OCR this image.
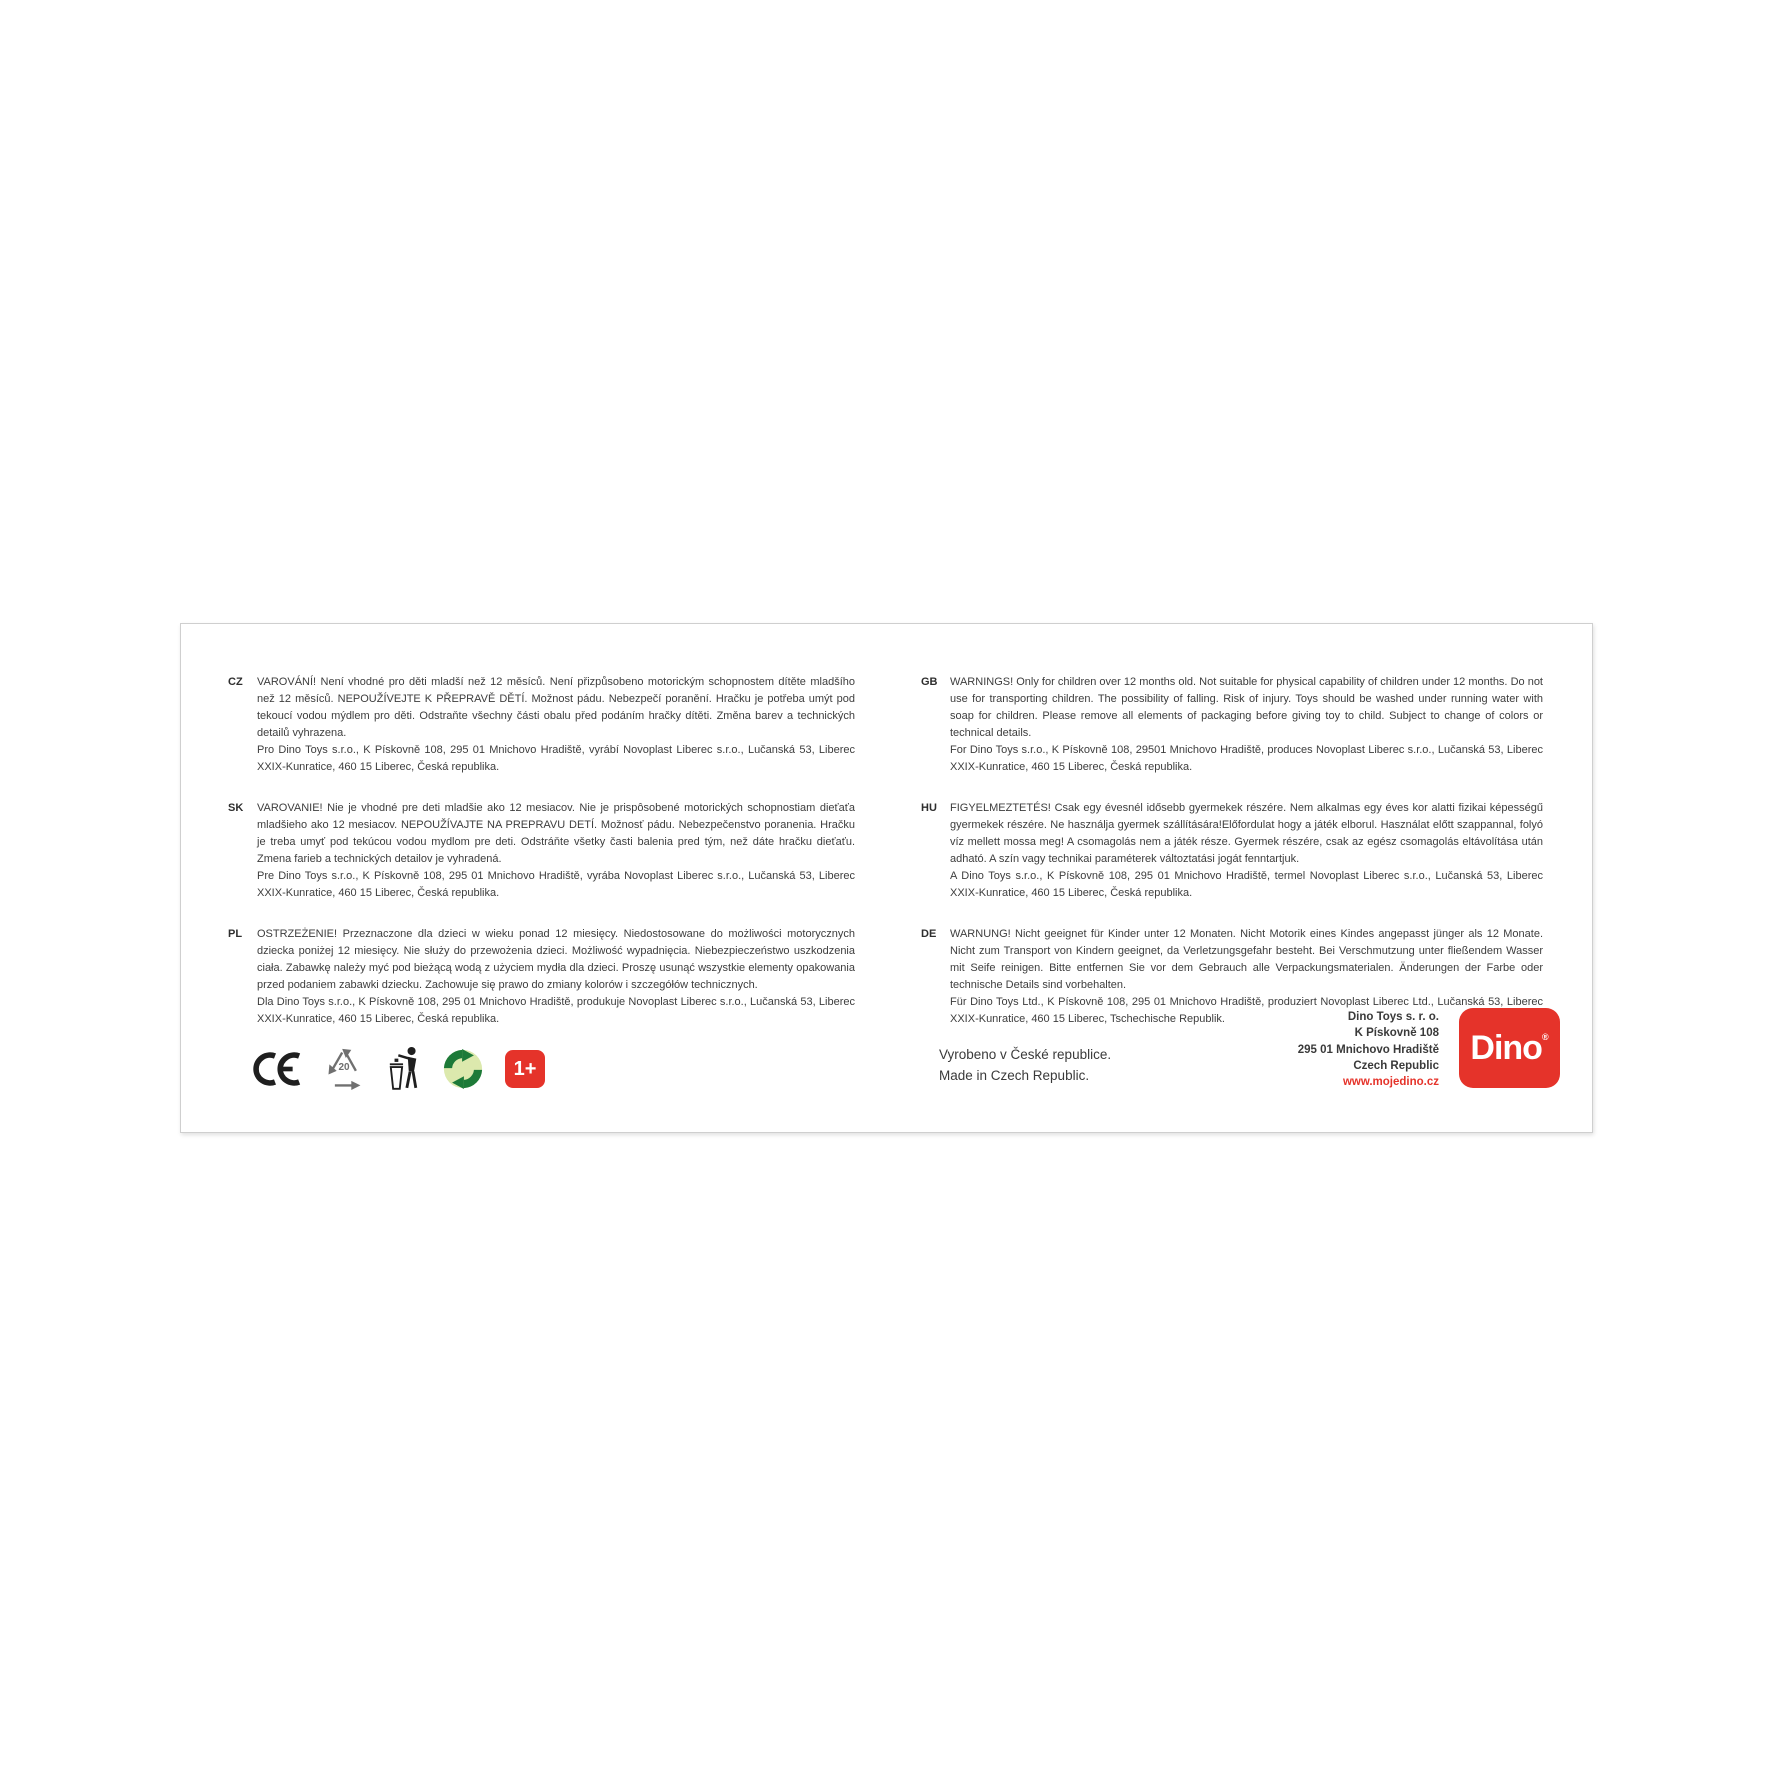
CZ	VAROVÁNÍ! Není vhodné pro děti mladší než 12 měsíců. Není přizpůsobeno motorickým schopnostem dítěte mladšího než 12 měsíců. NEPOUŽÍVEJTE K PŘEPRAVĚ DĚTÍ. Možnost pádu. Nebezpečí poranění. Hračku je potřeba umýt pod tekoucí vodou mýdlem pro děti. Odstraňte všechny části obalu před podáním hračky dítěti. Změna barev a technických detailů vyhrazena.

Pro Dino Toys s.r.o., K Pískovně 108, 295 01 Mnichovo Hradiště, vyrábí Novoplast Liberec s.r.o., Lučanská 53, Liberec XXIX-Kunratice, 460 15 Liberec, Česká republika.

SK	VAROVANIE! Nie je vhodné pre deti mladšie ako 12 mesiacov. Nie je prispôsobené motorických schopnostiam dieťaťa mladšieho ako 12 mesiacov. NEPOUŽÍVAJTE NA PREPRAVU DETÍ. Možnosť pádu. Nebezpečenstvo poranenia. Hračku je treba umyť pod tekúcou vodou mydlom pre deti. Odstráňte všetky časti balenia pred tým, než dáte hračku dieťaťu. Zmena farieb a technických detailov je vyhradená.

Pre Dino Toys s.r.o., K Pískovně 108, 295 01 Mnichovo Hradiště, vyrába Novoplast Liberec s.r.o., Lučanská 53, Liberec XXIX-Kunratice, 460 15 Liberec, Česká republika.

PL	OSTRZEŻENIE! Przeznaczone dla dzieci w wieku ponad 12 miesięcy. Niedostosowane do możliwości motorycznych dziecka poniżej 12 miesięcy. Nie służy do przewożenia dzieci. Możliwość wypadnięcia. Niebezpieczeństwo uszkodzenia ciała. Zabawkę należy myć pod bieżącą wodą z użyciem mydła dla dzieci. Proszę usunąć wszystkie elementy opakowania przed podaniem zabawki dziecku. Zachowuje się prawo do zmiany kolorów i szczegółów technicznych.

Dla Dino Toys s.r.o., K Pískovně 108, 295 01 Mnichovo Hradiště, produkuje Novoplast Liberec s.r.o., Lučanská 53, Liberec XXIX-Kunratice, 460 15 Liberec, Česká republika.

GB	WARNINGS! Only for children over 12 months old. Not suitable for physical capability of children under 12 months. Do not use for transporting children. The possibility of falling. Risk of injury. Toys should be washed under running water with soap for children. Please remove all elements of packaging before giving toy to child. Subject to change of colors or technical details.

For Dino Toys s.r.o., K Pískovně 108, 29501 Mnichovo Hradiště, produces Novoplast Liberec s.r.o., Lučanská 53, Liberec XXIX-Kunratice, 460 15 Liberec, Česká republika.

HU	FIGYELMEZTETÉS! Csak egy évesnél idősebb gyermekek részére. Nem alkalmas egy éves kor alatti fizikai képességű gyermekek részére. Ne használja gyermek szállítására!Előfordulat hogy a játék elborul. Használat előtt szappannal, folyó víz mellett mossa meg! A csomagolás nem a játék része. Gyermek részére, csak az egész csomagolás eltávolítása után adható. A szín vagy technikai paraméterek változtatási jogát fenntartjuk.

A Dino Toys s.r.o., K Pískovně 108, 295 01 Mnichovo Hradiště, termel Novoplast Liberec s.r.o., Lučanská 53, Liberec XXIX-Kunratice, 460 15 Liberec, Česká republika.

DE	WARNUNG! Nicht geeignet für Kinder unter 12 Monaten. Nicht Motorik eines Kindes angepasst jünger als 12 Monate. Nicht zum Transport von Kindern geeignet, da Verletzungsgefahr besteht. Bei Verschmutzung unter fließendem Wasser mit Seife reinigen. Bitte entfernen Sie vor dem Gebrauch alle Verpackungsmaterialen. Änderungen der Farbe oder technische Details sind vorbehalten.

Für Dino Toys Ltd., K Pískovně 108, 295 01 Mnichovo Hradiště, produziert Novoplast Liberec Ltd., Lučanská 53, Liberec XXIX-Kunratice, 460 15 Liberec, Tschechische Republik.

20	1+
Vyrobeno v České republice.
Made in Czech Republic.
Dino Toys s. r. o.
K Pískovně 108
295 01 Mnichovo Hradiště
Czech Republic
www.mojedino.cz
Dino®
